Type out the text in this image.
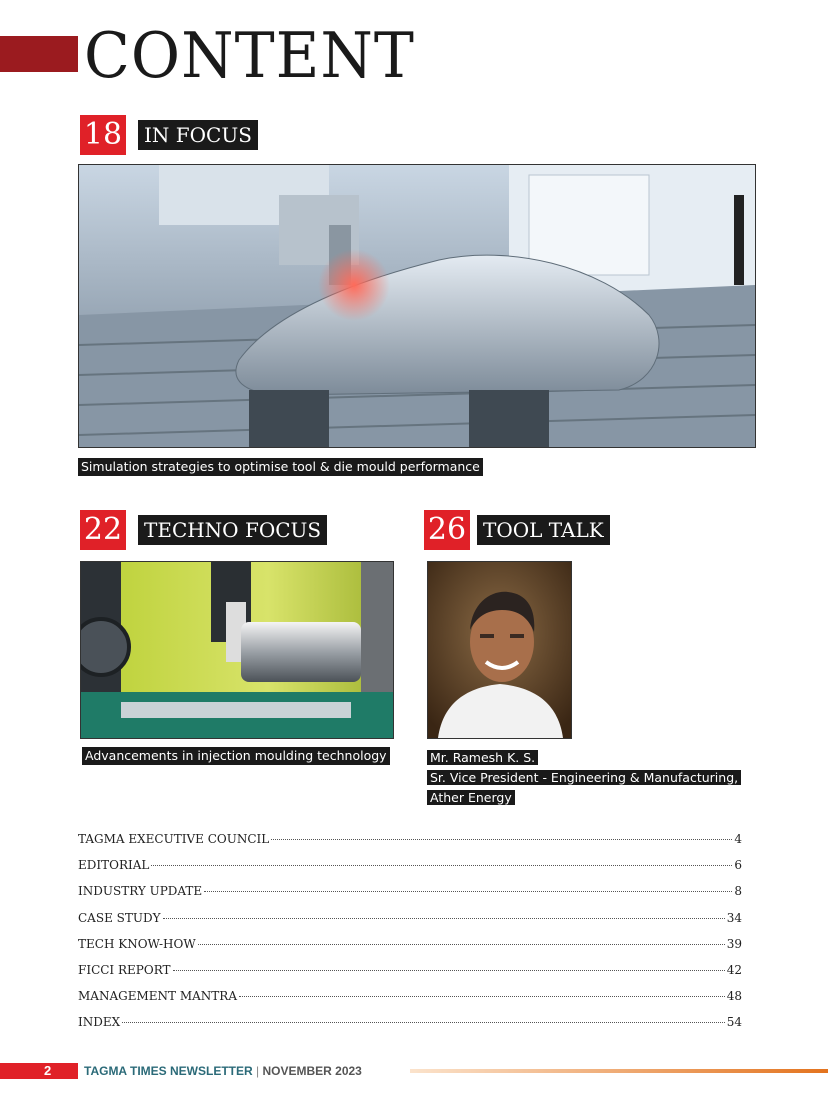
CONTENT
18	IN FOCUS
Simulation strategies to optimise tool & die mould performance
22	TECHNO FOCUS
Advancements in injection moulding technology
26 TOOL TALK
Mr. Ramesh K. S.
Sr. Vice President - Engineering & Manufacturing,
Ather Energy
TAGMA EXECUTIVE COUNCIL	4
EDITORIAL	6
INDUSTRY UPDATE	8
CASE STUDY	34
TECH KNOW-HOW	39
FICCI REPORT	42
MANAGEMENT MANTRA	48
INDEX	54
2	TAGMA TIMES NEWSLETTER | NOVEMBER 2023
